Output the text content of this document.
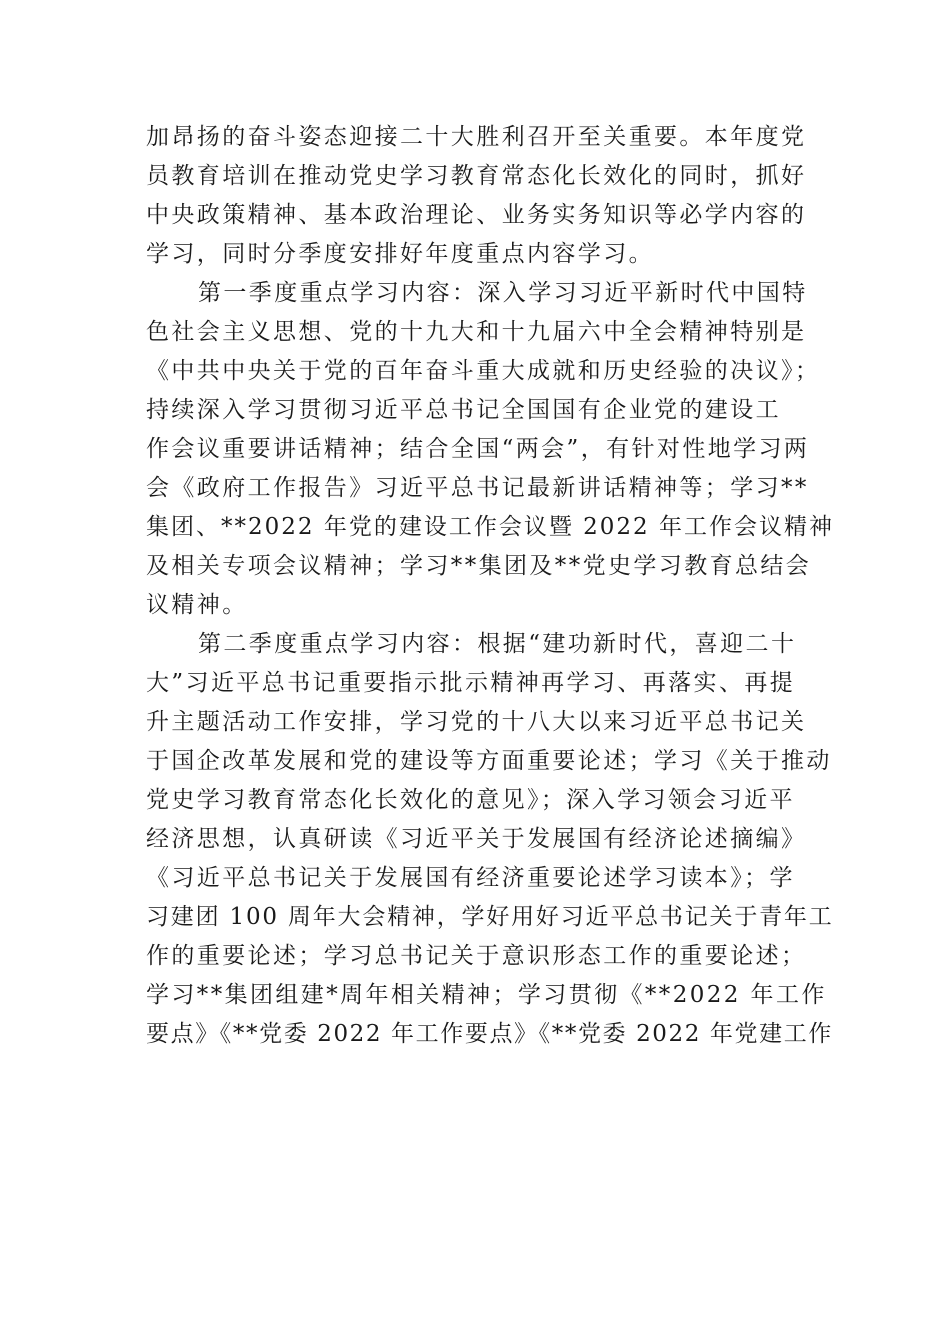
加昂扬的奋斗姿态迎接二十大胜利召开至关重要。本年度党
员教育培训在推动党史学习教育常态化长效化的同时，抓好
中央政策精神、基本政治理论、业务实务知识等必学内容的
学习，同时分季度安排好年度重点内容学习。
第一季度重点学习内容：深入学习习近平新时代中国特
色社会主义思想、党的十九大和十九届六中全会精神特别是
《中共中央关于党的百年奋斗重大成就和历史经验的决议》；
持续深入学习贯彻习近平总书记全国国有企业党的建设工
作会议重要讲话精神；结合全国“两会”，有针对性地学习两
会《政府工作报告》习近平总书记最新讲话精神等；学习**
集团、**2022 年党的建设工作会议暨 2022 年工作会议精神
及相关专项会议精神；学习**集团及**党史学习教育总结会
议精神。
第二季度重点学习内容：根据“建功新时代，喜迎二十
大”习近平总书记重要指示批示精神再学习、再落实、再提
升主题活动工作安排，学习党的十八大以来习近平总书记关
于国企改革发展和党的建设等方面重要论述；学习《关于推动
党史学习教育常态化长效化的意见》；深入学习领会习近平
经济思想，认真研读《习近平关于发展国有经济论述摘编》
《习近平总书记关于发展国有经济重要论述学习读本》；学
习建团 100 周年大会精神，学好用好习近平总书记关于青年工
作的重要论述；学习总书记关于意识形态工作的重要论述；
学习**集团组建*周年相关精神；学习贯彻《**2022 年工作
要点》《**党委 2022 年工作要点》《**党委 2022 年党建工作
